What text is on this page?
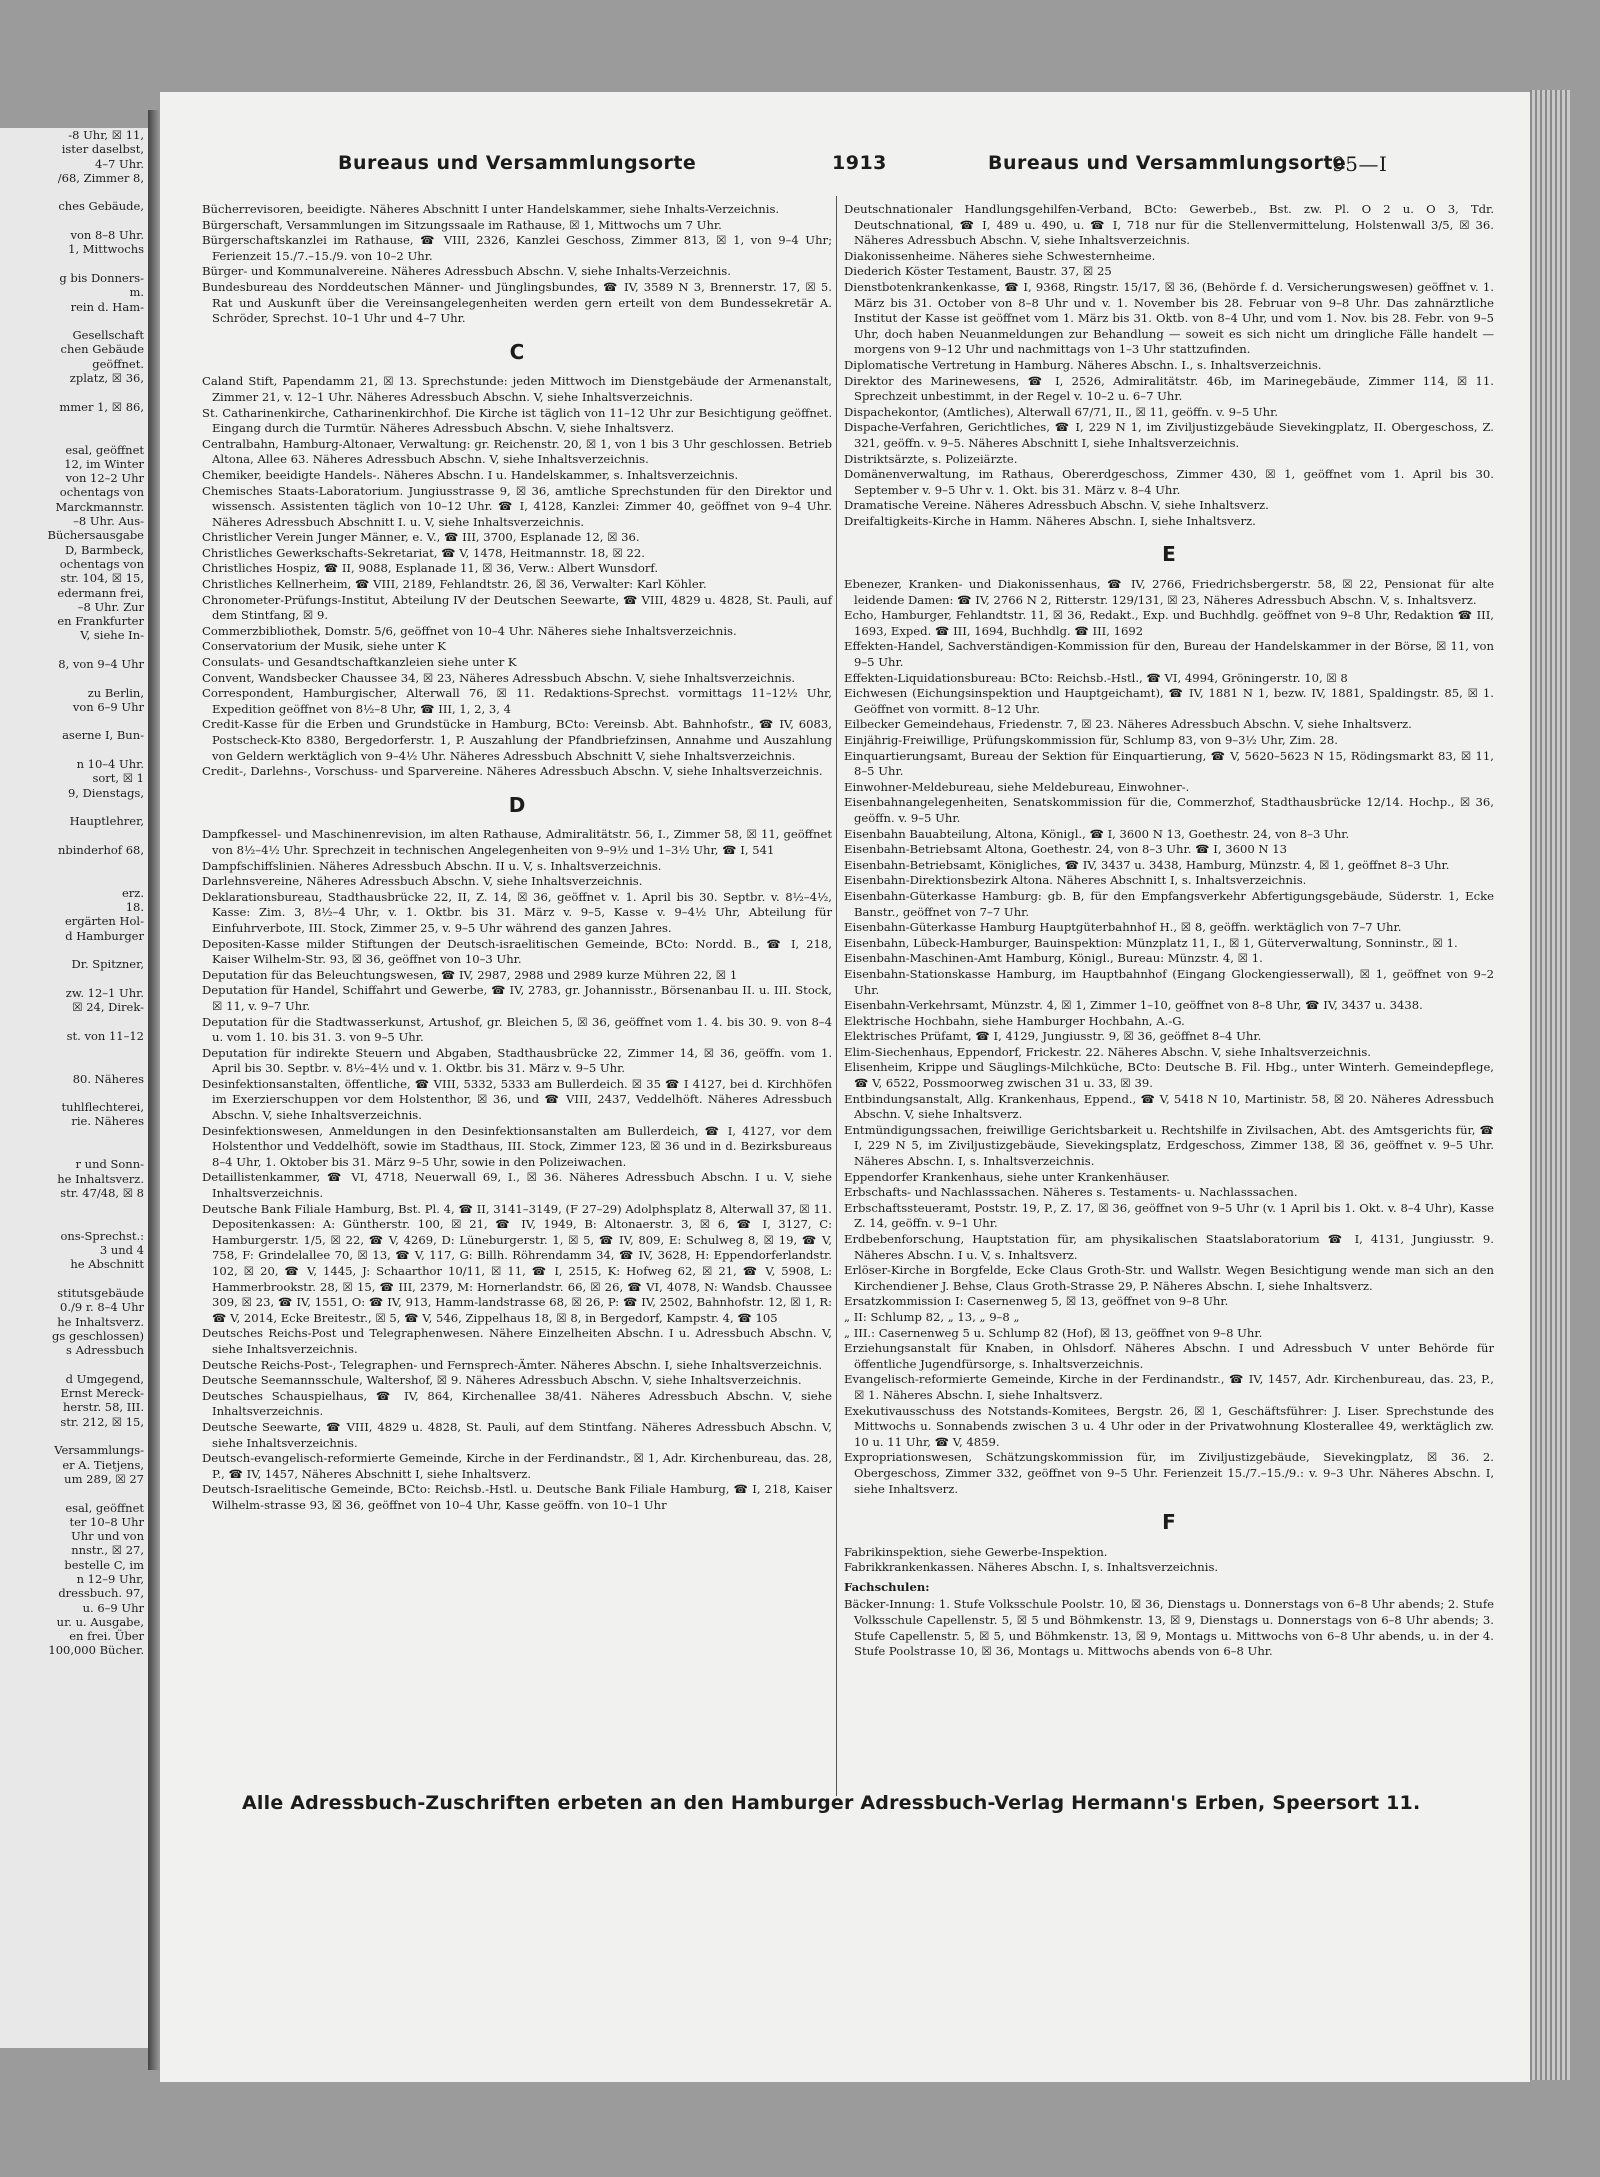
-8 Uhr, ☒ 11,
ister daselbst,
4–7 Uhr.
/68, Zimmer 8,
ches Gebäude,
von 8–8 Uhr.
1, Mittwochs
g bis Donners-
m.
rein d. Ham-
Gesellschaft
chen Gebäude
geöffnet.
zplatz, ☒ 36,
mmer 1, ☒ 86,
esal, geöffnet
12, im Winter
von 12–2 Uhr
ochentags von
Marckmannstr.
–8 Uhr. Aus-
Büchersausgabe
D, Barmbeck,
ochentags von
str. 104, ☒ 15,
edermann frei,
–8 Uhr. Zur
en Frankfurter
V, siehe In-
8, von 9–4 Uhr
zu Berlin,
von 6–9 Uhr
aserne I, Bun-
n 10–4 Uhr.
sort, ☒ 1
9, Dienstags,
Hauptlehrer,
nbinderhof 68,
erz.
18.
ergärten Hol-
d Hamburger
Dr. Spitzner,
zw. 12–1 Uhr.
☒ 24, Direk-
st. von 11–12
80. Näheres
tuhlflechterei,
rie. Näheres
r und Sonn-
he Inhaltsverz.
str. 47/48, ☒ 8
ons-Sprechst.:
3 und 4
he Abschnitt
stitutsgebäude
0./9 r. 8–4 Uhr
he Inhaltsverz.
gs geschlossen)
s Adressbuch
d Umgegend,
Ernst Mereck-
herstr. 58, III.
str. 212, ☒ 15,
Versammlungs-
er A. Tietjens,
um 289, ☒ 27
esal, geöffnet
ter 10–8 Uhr
Uhr und von
nnstr., ☒ 27,
bestelle C, im
n 12–9 Uhr,
dressbuch. 97,
u. 6–9 Uhr
ur. u. Ausgabe,
en frei. Über
100,000 Bücher.
Bureaus und Versammlungsorte	1913	Bureaus und Versammlungsorte
95—I

Bücherrevisoren, beeidigte. Näheres Abschnitt I unter Handelskammer, siehe Inhalts-Verzeichnis.

Bürgerschaft, Versammlungen im Sitzungssaale im Rathause, ☒ 1, Mittwochs um 7 Uhr.

Bürgerschaftskanzlei im Rathause, ☎ VIII, 2326, Kanzlei Geschoss, Zimmer 813, ☒ 1, von 9–4 Uhr; Ferienzeit 15./7.–15./9. von 10–2 Uhr.

Bürger- und Kommunalvereine. Näheres Adressbuch Abschn. V, siehe Inhalts-Verzeichnis.

Bundesbureau des Norddeutschen Männer- und Jünglingsbundes, ☎ IV, 3589 N 3, Brennerstr. 17, ☒ 5. Rat und Auskunft über die Vereinsangelegenheiten werden gern erteilt von dem Bundessekretär A. Schröder, Sprechst. 10–1 Uhr und 4–7 Uhr.

C

Caland Stift, Papendamm 21, ☒ 13. Sprechstunde: jeden Mittwoch im Dienstgebäude der Armenanstalt, Zimmer 21, v. 12–1 Uhr. Näheres Adressbuch Abschn. V, siehe Inhaltsverzeichnis.

St. Catharinenkirche, Catharinenkirchhof. Die Kirche ist täglich von 11–12 Uhr zur Besichtigung geöffnet. Eingang durch die Turmtür. Näheres Adressbuch Abschn. V, siehe Inhaltsverz.

Centralbahn, Hamburg-Altonaer, Verwaltung: gr. Reichenstr. 20, ☒ 1, von 1 bis 3 Uhr geschlossen. Betrieb Altona, Allee 63. Näheres Adressbuch Abschn. V, siehe Inhaltsverzeichnis.

Chemiker, beeidigte Handels-. Näheres Abschn. I u. Handelskammer, s. Inhaltsverzeichnis.

Chemisches Staats-Laboratorium. Jungiusstrasse 9, ☒ 36, amtliche Sprechstunden für den Direktor und wissensch. Assistenten täglich von 10–12 Uhr. ☎ I, 4128, Kanzlei: Zimmer 40, geöffnet von 9–4 Uhr. Näheres Adressbuch Abschnitt I. u. V, siehe Inhaltsverzeichnis.

Christlicher Verein Junger Männer, e. V., ☎ III, 3700, Esplanade 12, ☒ 36.

Christliches Gewerkschafts-Sekretariat, ☎ V, 1478, Heitmannstr. 18, ☒ 22.

Christliches Hospiz, ☎ II, 9088, Esplanade 11, ☒ 36, Verw.: Albert Wunsdorf.

Christliches Kellnerheim, ☎ VIII, 2189, Fehlandtstr. 26, ☒ 36, Verwalter: Karl Köhler.

Chronometer-Prüfungs-Institut, Abteilung IV der Deutschen Seewarte, ☎ VIII, 4829 u. 4828, St. Pauli, auf dem Stintfang, ☒ 9.

Commerzbibliothek, Domstr. 5/6, geöffnet von 10–4 Uhr. Näheres siehe Inhaltsverzeichnis.

Conservatorium der Musik, siehe unter K

Consulats- und Gesandtschaftkanzleien siehe unter K

Convent, Wandsbecker Chaussee 34, ☒ 23, Näheres Adressbuch Abschn. V, siehe Inhaltsverzeichnis.

Correspondent, Hamburgischer, Alterwall 76, ☒ 11. Redaktions-Sprechst. vormittags 11–12½ Uhr, Expedition geöffnet von 8½–8 Uhr, ☎ III, 1, 2, 3, 4

Credit-Kasse für die Erben und Grundstücke in Hamburg, BCto: Vereinsb. Abt. Bahnhofstr., ☎ IV, 6083, Postscheck-Kto 8380, Bergedorferstr. 1, P. Auszahlung der Pfandbriefzinsen, Annahme und Auszahlung von Geldern werktäglich von 9–4½ Uhr. Näheres Adressbuch Abschnitt V, siehe Inhaltsverzeichnis.

Credit-, Darlehns-, Vorschuss- und Sparvereine. Näheres Adressbuch Abschn. V, siehe Inhaltsverzeichnis.

D

Dampfkessel- und Maschinenrevision, im alten Rathause, Admiralitätstr. 56, I., Zimmer 58, ☒ 11, geöffnet von 8½–4½ Uhr. Sprechzeit in technischen Angelegenheiten von 9–9½ und 1–3½ Uhr, ☎ I, 541

Dampfschiffslinien. Näheres Adressbuch Abschn. II u. V, s. Inhaltsverzeichnis.

Darlehnsvereine, Näheres Adressbuch Abschn. V, siehe Inhaltsverzeichnis.

Deklarationsbureau, Stadthausbrücke 22, II, Z. 14, ☒ 36, geöffnet v. 1. April bis 30. Septbr. v. 8½–4½, Kasse: Zim. 3, 8½–4 Uhr, v. 1. Oktbr. bis 31. März v. 9–5, Kasse v. 9–4½ Uhr, Abteilung für Einfuhrverbote, III. Stock, Zimmer 25, v. 9–5 Uhr während des ganzen Jahres.

Depositen-Kasse milder Stiftungen der Deutsch-israelitischen Gemeinde, BCto: Nordd. B., ☎ I, 218, Kaiser Wilhelm-Str. 93, ☒ 36, geöffnet von 10–3 Uhr.

Deputation für das Beleuchtungswesen, ☎ IV, 2987, 2988 und 2989 kurze Mühren 22, ☒ 1

Deputation für Handel, Schiffahrt und Gewerbe, ☎ IV, 2783, gr. Johannisstr., Börsenanbau II. u. III. Stock, ☒ 11, v. 9–7 Uhr.

Deputation für die Stadtwasserkunst, Artushof, gr. Bleichen 5, ☒ 36, geöffnet vom 1. 4. bis 30. 9. von 8–4 u. vom 1. 10. bis 31. 3. von 9–5 Uhr.

Deputation für indirekte Steuern und Abgaben, Stadthausbrücke 22, Zimmer 14, ☒ 36, geöffn. vom 1. April bis 30. Septbr. v. 8½–4½ und v. 1. Oktbr. bis 31. März v. 9–5 Uhr.

Desinfektionsanstalten, öffentliche, ☎ VIII, 5332, 5333 am Bullerdeich. ☒ 35 ☎ I 4127, bei d. Kirchhöfen im Exerzierschuppen vor dem Holstenthor, ☒ 36, und ☎ VIII, 2437, Veddelhöft. Näheres Adressbuch Abschn. V, siehe Inhaltsverzeichnis.

Desinfektionswesen, Anmeldungen in den Desinfektionsanstalten am Bullerdeich, ☎ I, 4127, vor dem Holstenthor und Veddelhöft, sowie im Stadthaus, III. Stock, Zimmer 123, ☒ 36 und in d. Bezirksbureaus 8–4 Uhr, 1. Oktober bis 31. März 9–5 Uhr, sowie in den Polizeiwachen.

Detaillistenkammer, ☎ VI, 4718, Neuerwall 69, I., ☒ 36. Näheres Adressbuch Abschn. I u. V, siehe Inhaltsverzeichnis.

Deutsche Bank Filiale Hamburg, Bst. Pl. 4, ☎ II, 3141–3149, (F 27–29) Adolphsplatz 8, Alterwall 37, ☒ 11. Depositenkassen: A: Güntherstr. 100, ☒ 21, ☎ IV, 1949, B: Altonaerstr. 3, ☒ 6, ☎ I, 3127, C: Hamburgerstr. 1/5, ☒ 22, ☎ V, 4269, D: Lüneburgerstr. 1, ☒ 5, ☎ IV, 809, E: Schulweg 8, ☒ 19, ☎ V, 758, F: Grindelallee 70, ☒ 13, ☎ V, 117, G: Billh. Röhrendamm 34, ☎ IV, 3628, H: Eppendorferlandstr. 102, ☒ 20, ☎ V, 1445, J: Schaarthor 10/11, ☒ 11, ☎ I, 2515, K: Hofweg 62, ☒ 21, ☎ V, 5908, L: Hammerbrookstr. 28, ☒ 15, ☎ III, 2379, M: Hornerlandstr. 66, ☒ 26, ☎ VI, 4078, N: Wandsb. Chaussee 309, ☒ 23, ☎ IV, 1551, O: ☎ IV, 913, Hamm-landstrasse 68, ☒ 26, P: ☎ IV, 2502, Bahnhofstr. 12, ☒ 1, R: ☎ V, 2014, Ecke Breitestr., ☒ 5, ☎ V, 546, Zippelhaus 18, ☒ 8, in Bergedorf, Kampstr. 4, ☎ 105

Deutsches Reichs-Post und Telegraphenwesen. Nähere Einzelheiten Abschn. I u. Adressbuch Abschn. V, siehe Inhaltsverzeichnis.

Deutsche Reichs-Post-, Telegraphen- und Fernsprech-Ämter. Näheres Abschn. I, siehe Inhaltsverzeichnis.

Deutsche Seemannsschule, Waltershof, ☒ 9. Näheres Adressbuch Abschn. V, siehe Inhaltsverzeichnis.

Deutsches Schauspielhaus, ☎ IV, 864, Kirchenallee 38/41. Näheres Adressbuch Abschn. V, siehe Inhaltsverzeichnis.

Deutsche Seewarte, ☎ VIII, 4829 u. 4828, St. Pauli, auf dem Stintfang. Näheres Adressbuch Abschn. V, siehe Inhaltsverzeichnis.

Deutsch-evangelisch-reformierte Gemeinde, Kirche in der Ferdinandstr., ☒ 1, Adr. Kirchenbureau, das. 28, P., ☎ IV, 1457, Näheres Abschnitt I, siehe Inhaltsverz.

Deutsch-Israelitische Gemeinde, BCto: Reichsb.-Hstl. u. Deutsche Bank Filiale Hamburg, ☎ I, 218, Kaiser Wilhelm-strasse 93, ☒ 36, geöffnet von 10–4 Uhr, Kasse geöffn. von 10–1 Uhr

Deutschnationaler Handlungsgehilfen-Verband, BCto: Gewerbeb., Bst. zw. Pl. O 2 u. O 3, Tdr. Deutschnational, ☎ I, 489 u. 490, u. ☎ I, 718 nur für die Stellenvermittelung, Holstenwall 3/5, ☒ 36. Näheres Adressbuch Abschn. V, siehe Inhaltsverzeichnis.

Diakonissenheime. Näheres siehe Schwesternheime.

Diederich Köster Testament, Baustr. 37, ☒ 25

Dienstbotenkrankenkasse, ☎ I, 9368, Ringstr. 15/17, ☒ 36, (Behörde f. d. Versicherungswesen) geöffnet v. 1. März bis 31. October von 8–8 Uhr und v. 1. November bis 28. Februar von 9–8 Uhr. Das zahnärztliche Institut der Kasse ist geöffnet vom 1. März bis 31. Oktb. von 8–4 Uhr, und vom 1. Nov. bis 28. Febr. von 9–5 Uhr, doch haben Neuanmeldungen zur Behandlung — soweit es sich nicht um dringliche Fälle handelt — morgens von 9–12 Uhr und nachmittags von 1–3 Uhr stattzufinden.

Diplomatische Vertretung in Hamburg. Näheres Abschn. I., s. Inhaltsverzeichnis.

Direktor des Marinewesens, ☎ I, 2526, Admiralitätstr. 46b, im Marinegebäude, Zimmer 114, ☒ 11. Sprechzeit unbestimmt, in der Regel v. 10–2 u. 6–7 Uhr.

Dispachekontor, (Amtliches), Alterwall 67/71, II., ☒ 11, geöffn. v. 9–5 Uhr.

Dispache-Verfahren, Gerichtliches, ☎ I, 229 N 1, im Ziviljustizgebäude Sievekingplatz, II. Obergeschoss, Z. 321, geöffn. v. 9–5. Näheres Abschnitt I, siehe Inhaltsverzeichnis.

Distriktsärzte, s. Polizeiärzte.

Domänenverwaltung, im Rathaus, Obererdgeschoss, Zimmer 430, ☒ 1, geöffnet vom 1. April bis 30. September v. 9–5 Uhr v. 1. Okt. bis 31. März v. 8–4 Uhr.

Dramatische Vereine. Näheres Adressbuch Abschn. V, siehe Inhaltsverz.

Dreifaltigkeits-Kirche in Hamm. Näheres Abschn. I, siehe Inhaltsverz.

E

Ebenezer, Kranken- und Diakonissenhaus, ☎ IV, 2766, Friedrichsbergerstr. 58, ☒ 22, Pensionat für alte leidende Damen: ☎ IV, 2766 N 2, Ritterstr. 129/131, ☒ 23, Näheres Adressbuch Abschn. V, s. Inhaltsverz.

Echo, Hamburger, Fehlandtstr. 11, ☒ 36, Redakt., Exp. und Buchhdlg. geöffnet von 9–8 Uhr, Redaktion ☎ III, 1693, Exped. ☎ III, 1694, Buchhdlg. ☎ III, 1692

Effekten-Handel, Sachverständigen-Kommission für den, Bureau der Handelskammer in der Börse, ☒ 11, von 9–5 Uhr.

Effekten-Liquidationsbureau: BCto: Reichsb.-Hstl., ☎ VI, 4994, Gröningerstr. 10, ☒ 8

Eichwesen (Eichungsinspektion und Hauptgeichamt), ☎ IV, 1881 N 1, bezw. IV, 1881, Spaldingstr. 85, ☒ 1. Geöffnet von vormitt. 8–12 Uhr.

Eilbecker Gemeindehaus, Friedenstr. 7, ☒ 23. Näheres Adressbuch Abschn. V, siehe Inhaltsverz.

Einjährig-Freiwillige, Prüfungskommission für, Schlump 83, von 9–3½ Uhr, Zim. 28.

Einquartierungsamt, Bureau der Sektion für Einquartierung, ☎ V, 5620–5623 N 15, Rödingsmarkt 83, ☒ 11, 8–5 Uhr.

Einwohner-Meldebureau, siehe Meldebureau, Einwohner-.

Eisenbahnangelegenheiten, Senatskommission für die, Commerzhof, Stadthausbrücke 12/14. Hochp., ☒ 36, geöffn. v. 9–5 Uhr.

Eisenbahn Bauabteilung, Altona, Königl., ☎ I, 3600 N 13, Goethestr. 24, von 8–3 Uhr.

Eisenbahn-Betriebsamt Altona, Goethestr. 24, von 8–3 Uhr. ☎ I, 3600 N 13

Eisenbahn-Betriebsamt, Königliches, ☎ IV, 3437 u. 3438, Hamburg, Münzstr. 4, ☒ 1, geöffnet 8–3 Uhr.

Eisenbahn-Direktionsbezirk Altona. Näheres Abschnitt I, s. Inhaltsverzeichnis.

Eisenbahn-Güterkasse Hamburg: gb. B, für den Empfangsverkehr Abfertigungsgebäude, Süderstr. 1, Ecke Banstr., geöffnet von 7–7 Uhr.

Eisenbahn-Güterkasse Hamburg Hauptgüterbahnhof H., ☒ 8, geöffn. werktäglich von 7–7 Uhr.

Eisenbahn, Lübeck-Hamburger, Bauinspektion: Münzplatz 11, I., ☒ 1, Güterverwaltung, Sonninstr., ☒ 1.

Eisenbahn-Maschinen-Amt Hamburg, Königl., Bureau: Münzstr. 4, ☒ 1.

Eisenbahn-Stationskasse Hamburg, im Hauptbahnhof (Eingang Glockengiesserwall), ☒ 1, geöffnet von 9–2 Uhr.

Eisenbahn-Verkehrsamt, Münzstr. 4, ☒ 1, Zimmer 1–10, geöffnet von 8–8 Uhr, ☎ IV, 3437 u. 3438.

Elektrische Hochbahn, siehe Hamburger Hochbahn, A.-G.

Elektrisches Prüfamt, ☎ I, 4129, Jungiusstr. 9, ☒ 36, geöffnet 8–4 Uhr.

Elim-Siechenhaus, Eppendorf, Frickestr. 22. Näheres Abschn. V, siehe Inhaltsverzeichnis.

Elisenheim, Krippe und Säuglings-Milchküche, BCto: Deutsche B. Fil. Hbg., unter Winterh. Gemeindepflege, ☎ V, 6522, Possmoorweg zwischen 31 u. 33, ☒ 39.

Entbindungsanstalt, Allg. Krankenhaus, Eppend., ☎ V, 5418 N 10, Martinistr. 58, ☒ 20. Näheres Adressbuch Abschn. V, siehe Inhaltsverz.

Entmündigungssachen, freiwillige Gerichtsbarkeit u. Rechtshilfe in Zivilsachen, Abt. des Amtsgerichts für, ☎ I, 229 N 5, im Ziviljustizgebäude, Sievekingsplatz, Erdgeschoss, Zimmer 138, ☒ 36, geöffnet v. 9–5 Uhr. Näheres Abschn. I, s. Inhaltsverzeichnis.

Eppendorfer Krankenhaus, siehe unter Krankenhäuser.

Erbschafts- und Nachlasssachen. Näheres s. Testaments- u. Nachlasssachen.

Erbschaftssteueramt, Poststr. 19, P., Z. 17, ☒ 36, geöffnet von 9–5 Uhr (v. 1 April bis 1. Okt. v. 8–4 Uhr), Kasse Z. 14, geöffn. v. 9–1 Uhr.

Erdbebenforschung, Hauptstation für, am physikalischen Staatslaboratorium ☎ I, 4131, Jungiusstr. 9. Näheres Abschn. I u. V, s. Inhaltsverz.

Erlöser-Kirche in Borgfelde, Ecke Claus Groth-Str. und Wallstr. Wegen Besichtigung wende man sich an den Kirchendiener J. Behse, Claus Groth-Strasse 29, P. Näheres Abschn. I, siehe Inhaltsverz.

Ersatzkommission I: Casernenweg 5, ☒ 13, geöffnet von 9–8 Uhr.

„ II: Schlump 82, „ 13, „ 9–8 „

„ III.: Casernenweg 5 u. Schlump 82 (Hof), ☒ 13, geöffnet von 9–8 Uhr.

Erziehungsanstalt für Knaben, in Ohlsdorf. Näheres Abschn. I und Adressbuch V unter Behörde für öffentliche Jugendfürsorge, s. Inhaltsverzeichnis.

Evangelisch-reformierte Gemeinde, Kirche in der Ferdinandstr., ☎ IV, 1457, Adr. Kirchenbureau, das. 23, P., ☒ 1. Näheres Abschn. I, siehe Inhaltsverz.

Exekutivausschuss des Notstands-Komitees, Bergstr. 26, ☒ 1, Geschäftsführer: J. Liser. Sprechstunde des Mittwochs u. Sonnabends zwischen 3 u. 4 Uhr oder in der Privatwohnung Klosterallee 49, werktäglich zw. 10 u. 11 Uhr, ☎ V, 4859.

Expropriationswesen, Schätzungskommission für, im Ziviljustizgebäude, Sievekingplatz, ☒ 36. 2. Obergeschoss, Zimmer 332, geöffnet von 9–5 Uhr. Ferienzeit 15./7.–15./9.: v. 9–3 Uhr. Näheres Abschn. I, siehe Inhaltsverz.

F

Fabrikinspektion, siehe Gewerbe-Inspektion.

Fabrikkrankenkassen. Näheres Abschn. I, s. Inhaltsverzeichnis.

Fachschulen:

Bäcker-Innung: 1. Stufe Volksschule Poolstr. 10, ☒ 36, Dienstags u. Donnerstags von 6–8 Uhr abends; 2. Stufe Volksschule Capellenstr. 5, ☒ 5 und Böhmkenstr. 13, ☒ 9, Dienstags u. Donnerstags von 6–8 Uhr abends; 3. Stufe Capellenstr. 5, ☒ 5, und Böhmkenstr. 13, ☒ 9, Montags u. Mittwochs von 6–8 Uhr abends, u. in der 4. Stufe Poolstrasse 10, ☒ 36, Montags u. Mittwochs abends von 6–8 Uhr.

Alle Adressbuch-Zuschriften erbeten an den Hamburger Adressbuch-Verlag Hermann's Erben, Speersort 11.
